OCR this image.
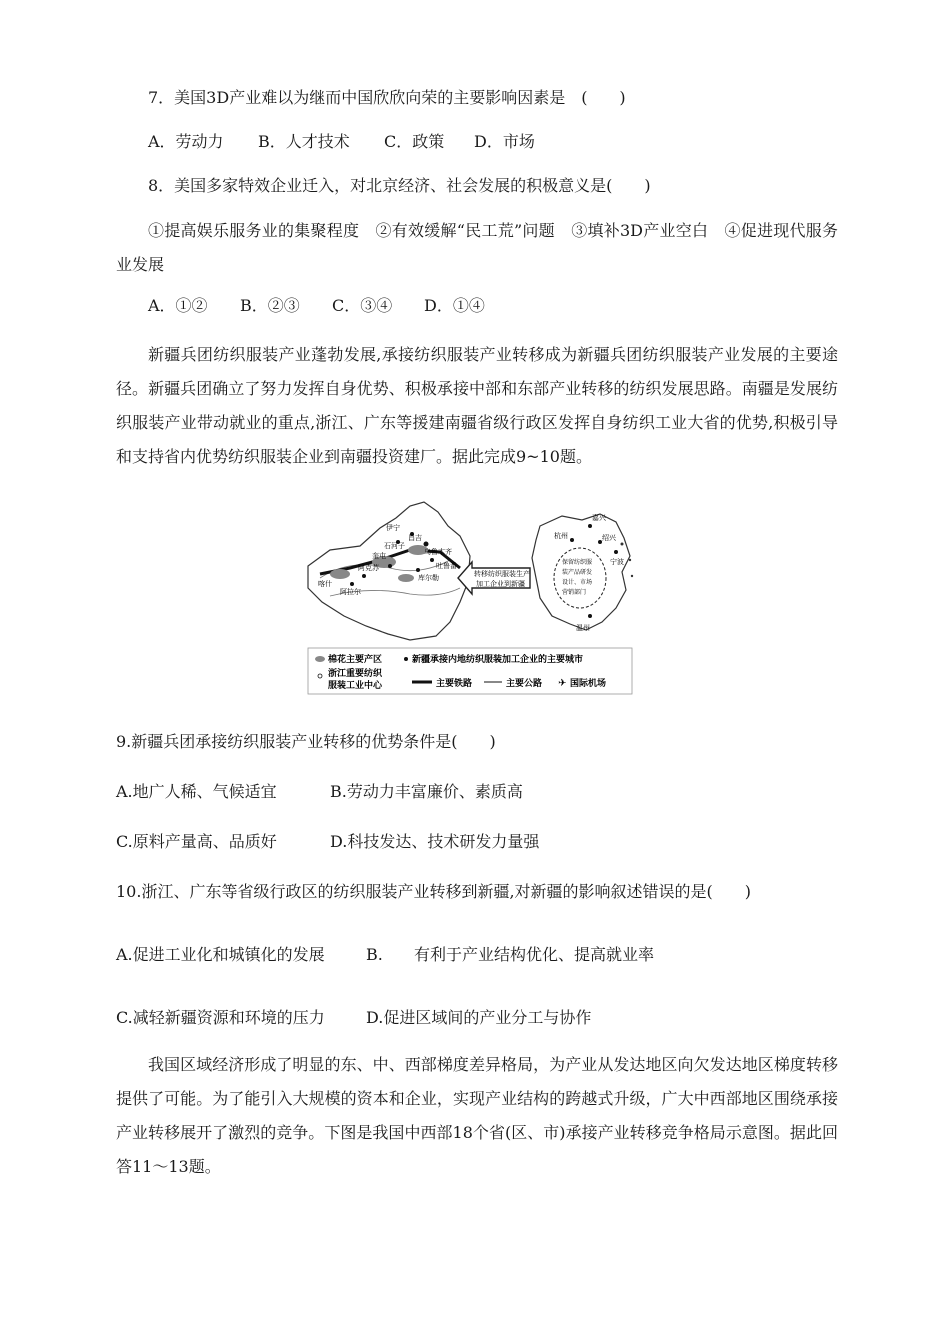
7．美国3D产业难以为继而中国欣欣向荣的主要影响因素是　(　　)
A．劳动力 B．人才技术 C．政策 D．市场
8．美国多家特效企业迁入，对北京经济、社会发展的积极意义是(　　)
①提高娱乐服务业的集聚程度　②有效缓解“民工荒”问题　③填补3D产业空白　④促进现代服务业发展
A．①② B．②③ C．③④ D．①④
新疆兵团纺织服装产业蓬勃发展,承接纺织服装产业转移成为新疆兵团纺织服装产业发展的主要途径。新疆兵团确立了努力发挥自身优势、积极承接中部和东部产业转移的纺织发展思路。南疆是发展纺织服装产业带动就业的重点,浙江、广东等援建南疆省级行政区发挥自身纺织工业大省的优势,积极引导和支持省内优势纺织服装企业到南疆投资建厂。据此完成9~10题。
伊宁
昌吉
石河子
乌鲁木齐
库尔勒
阿克苏
阿拉尔
喀什
奎屯
吐鲁番
转移纺织服装生产
加工企业到新疆
嘉兴
杭州	绍兴
宁波
温州
保留纺织服
装产品研发
设计、市场
营销部门
棉花主要产区	新疆承接内地纺织服装加工企业的主要城市
浙江重要纺织
服装工业中心	主要铁路	主要公路 ✈ 国际机场
9.新疆兵团承接纺织服装产业转移的优势条件是(　　)
A.地广人稀、气候适宜	B.劳动力丰富廉价、素质高
C.原料产量高、品质好	D.科技发达、技术研发力量强
10.浙江、广东等省级行政区的纺织服装产业转移到新疆,对新疆的影响叙述错误的是(　　)
A.促进工业化和城镇化的发展	B. 有利于产业结构优化、提高就业率
C.减轻新疆资源和环境的压力	D.促进区域间的产业分工与协作
我国区域经济形成了明显的东、中、西部梯度差异格局，为产业从发达地区向欠发达地区梯度转移提供了可能。为了能引入大规模的资本和企业，实现产业结构的跨越式升级，广大中西部地区围绕承接产业转移展开了激烈的竞争。下图是我国中西部18个省(区、市)承接产业转移竞争格局示意图。据此回答11～13题。
